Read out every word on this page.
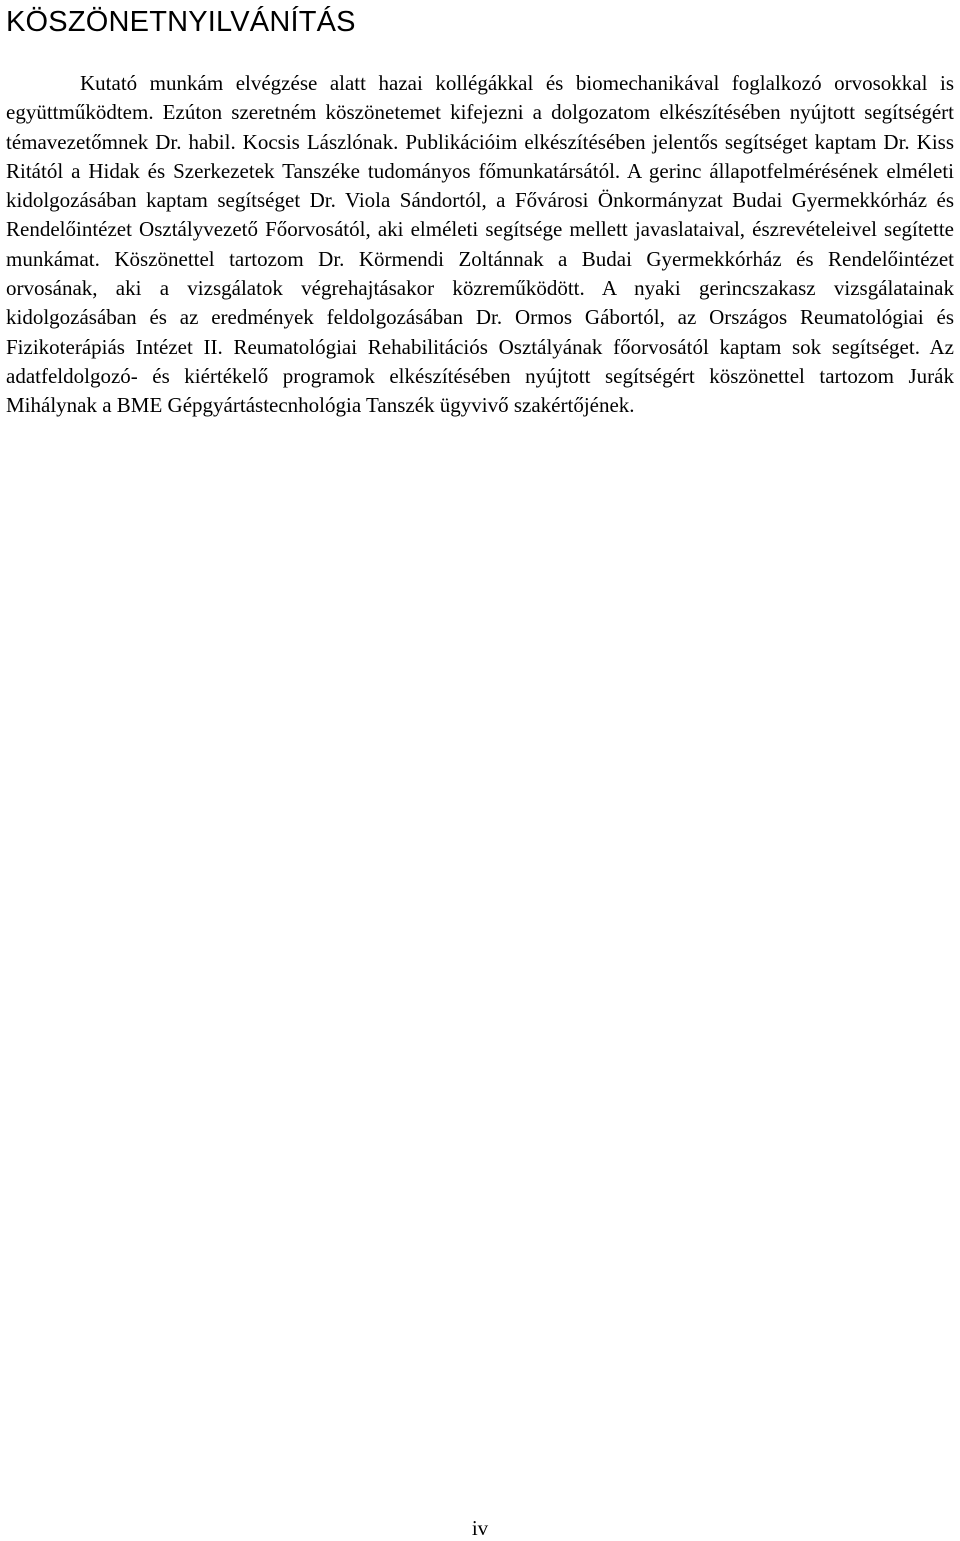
KÖSZÖNETNYILVÁNÍTÁS

Kutató munkám elvégzése alatt hazai kollégákkal és biomechanikával foglalkozó orvosokkal is együttműködtem. Ezúton szeretném köszönetemet kifejezni a dolgozatom elkészítésében nyújtott segítségért témavezetőmnek Dr. habil. Kocsis Lászlónak. Publikációim elkészítésében jelentős segítséget kaptam Dr. Kiss Ritától a Hidak és Szerkezetek Tanszéke tudományos főmunkatársától. A gerinc állapotfelmérésének elméleti kidolgozásában kaptam segítséget Dr. Viola Sándortól, a Fővárosi Önkormányzat Budai Gyermekkórház és Rendelőintézet Osztályvezető Főorvosától, aki elméleti segítsége mellett javaslataival, észrevételeivel segítette munkámat. Köszönettel tartozom Dr. Körmendi Zoltánnak a Budai Gyermekkórház és Rendelőintézet orvosának, aki a vizsgálatok végrehajtásakor közreműködött. A nyaki gerincszakasz vizsgálatainak kidolgozásában és az eredmények feldolgozásában Dr. Ormos Gábortól, az Országos Reumatológiai és Fizikoterápiás Intézet II. Reumatológiai Rehabilitációs Osztályának főorvosától kaptam sok segítséget. Az adatfeldolgozó- és kiértékelő programok elkészítésében nyújtott segítségért köszönettel tartozom Jurák Mihálynak a BME Gépgyártástecnhológia Tanszék ügyvivő szakértőjének.

iv
